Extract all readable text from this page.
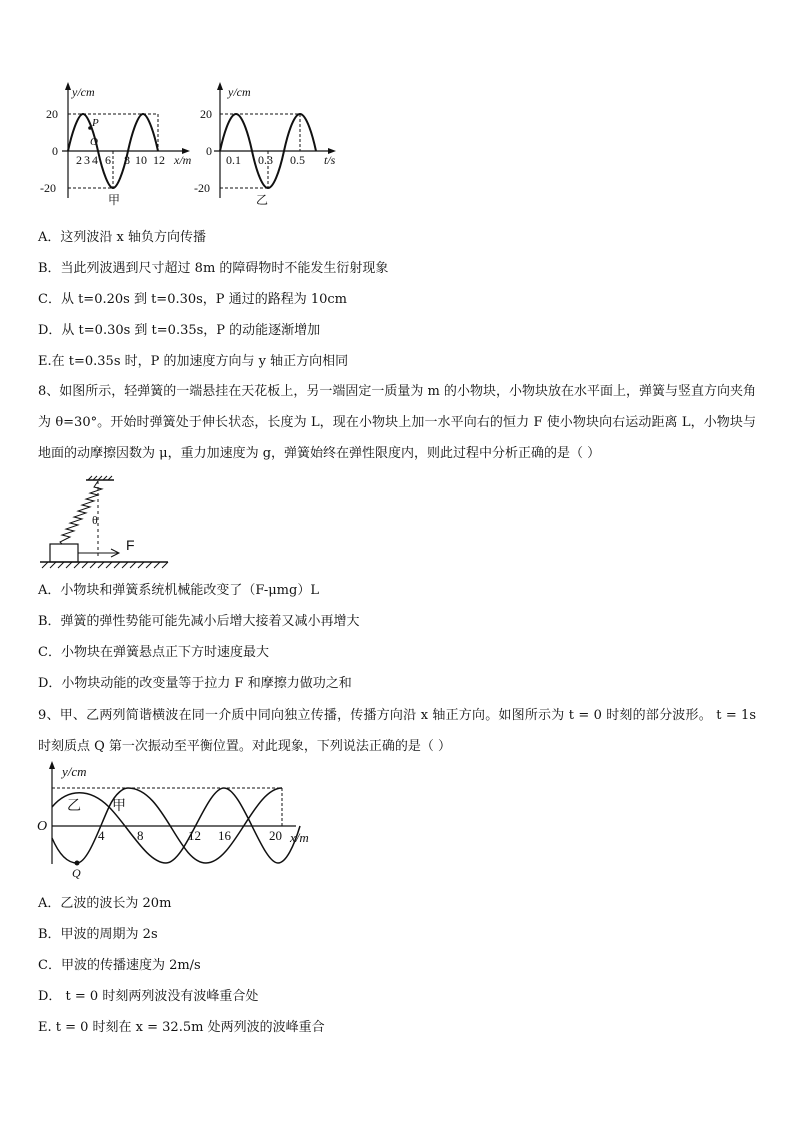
y/cm
20
-20
0
P
O
2 3 4 6 8 10 12 x/m
甲
y/cm
20
-20
0
0.1 0.3 0.5 t/s
乙
A．这列波沿 x 轴负方向传播
B．当此列波遇到尺寸超过 8m 的障碍物时不能发生衍射现象
C．从 t=0.20s 到 t=0.30s，P 通过的路程为 10cm
D．从 t=0.30s 到 t=0.35s，P 的动能逐渐增加
E.在 t=0.35s 时，P 的加速度方向与 y 轴正方向相同
8、如图所示，轻弹簧的一端悬挂在天花板上，另一端固定一质量为 m 的小物块，小物块放在水平面上，弹簧与竖直方向夹角为 θ=30°。开始时弹簧处于伸长状态，长度为 L，现在小物块上加一水平向右的恒力 F 使小物块向右运动距离 L，小物块与地面的动摩擦因数为 μ，重力加速度为 g，弹簧始终在弹性限度内，则此过程中分析正确的是（ ）
θ
F
A．小物块和弹簧系统机械能改变了（F-μmg）L
B．弹簧的弹性势能可能先减小后增大接着又减小再增大
C．小物块在弹簧悬点正下方时速度最大
D．小物块动能的改变量等于拉力 F 和摩擦力做功之和
9、甲、乙两列简谐横波在同一介质中同向独立传播，传播方向沿 x 轴正方向。如图所示为 t = 0 时刻的部分波形。 t = 1s 时刻质点 Q 第一次振动至平衡位置。对此现象，下列说法正确的是（ ）
y/cm
Q
乙 甲
O
4	8	12 16	20 x/m
A．乙波的波长为 20m
B．甲波的周期为 2s
C．甲波的传播速度为 2m/s
D． t = 0 时刻两列波没有波峰重合处
E. t = 0 时刻在 x = 32.5m 处两列波的波峰重合
